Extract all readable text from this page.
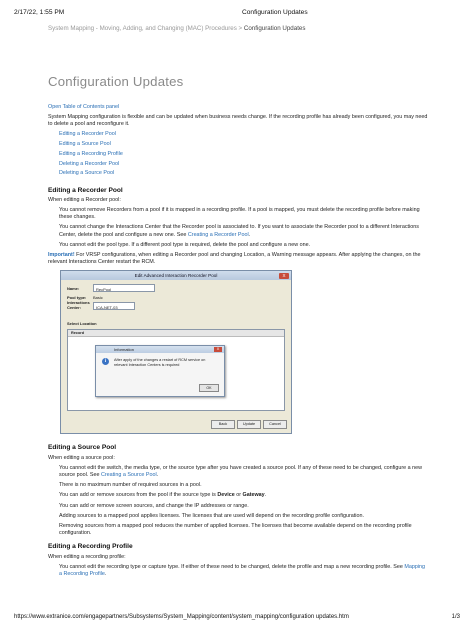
2/17/22, 1:55 PM	Configuration Updates
System Mapping - Moving, Adding, and Changing (MAC) Procedures > Configuration Updates
Configuration Updates
Open Table of Contents panel

System Mapping configuration is flexible and can be updated when business needs change. If the recording profile has already been configured, you may need to delete a pool and reconfigure it.

Editing a Recorder Pool
Editing a Source Pool
Editing a Recording Profile
Deleting a Recorder Pool
Deleting a Source Pool
Editing a Recorder Pool

When editing a Recorder pool:

You cannot remove Recorders from a pool if it is mapped in a recording profile. If a pool is mapped, you must delete the recording profile before making these changes.

You cannot change the Interactions Center that the Recorder pool is associated to. If you want to associate the Recorder pool to a different Interactions Center, delete the pool and configure a new one. See Creating a Recorder Pool.

You cannot edit the pool type. If a different pool type is required, delete the pool and configure a new one.

Important! For VRSP configurations, when editing a Recorder pool and changing Location, a Warning message appears. After applying the changes, on the relevant Interactions Center restart the RCM.

Edit Advanced Interaction Recorder Pool	X
Name:	RecPool
Pool type: Basic
Interactions Center:	ICA-NET-03
Select Location
Record
Information	X
i	After apply of the changes a restart of RCM service on relevant Interaction Centers is required
OK
Back	Update	Cancel
Editing a Source Pool

When editing a source pool:

You cannot edit the switch, the media type, or the source type after you have created a source pool. If any of these need to be changed, configure a new source pool. See Creating a Source Pool.

There is no maximum number of required sources in a pool.

You can add or remove sources from the pool if the source type is Device or Gateway.

You can add or remove screen sources, and change the IP addresses or range.

Adding sources to a mapped pool applies licenses. The licenses that are used will depend on the recording profile configuration.

Removing sources from a mapped pool reduces the number of applied licenses. The licenses that become available depend on the recording profile configuration.

Editing a Recording Profile

When editing a recording profile:

You cannot edit the recording type or capture type. If either of these need to be changed, delete the profile and map a new recording profile. See Mapping a Recording Profile.

https://www.extranice.com/engagepartners/Subsystems/System_Mapping/content/system_mapping/configuration updates.htm	1/3
